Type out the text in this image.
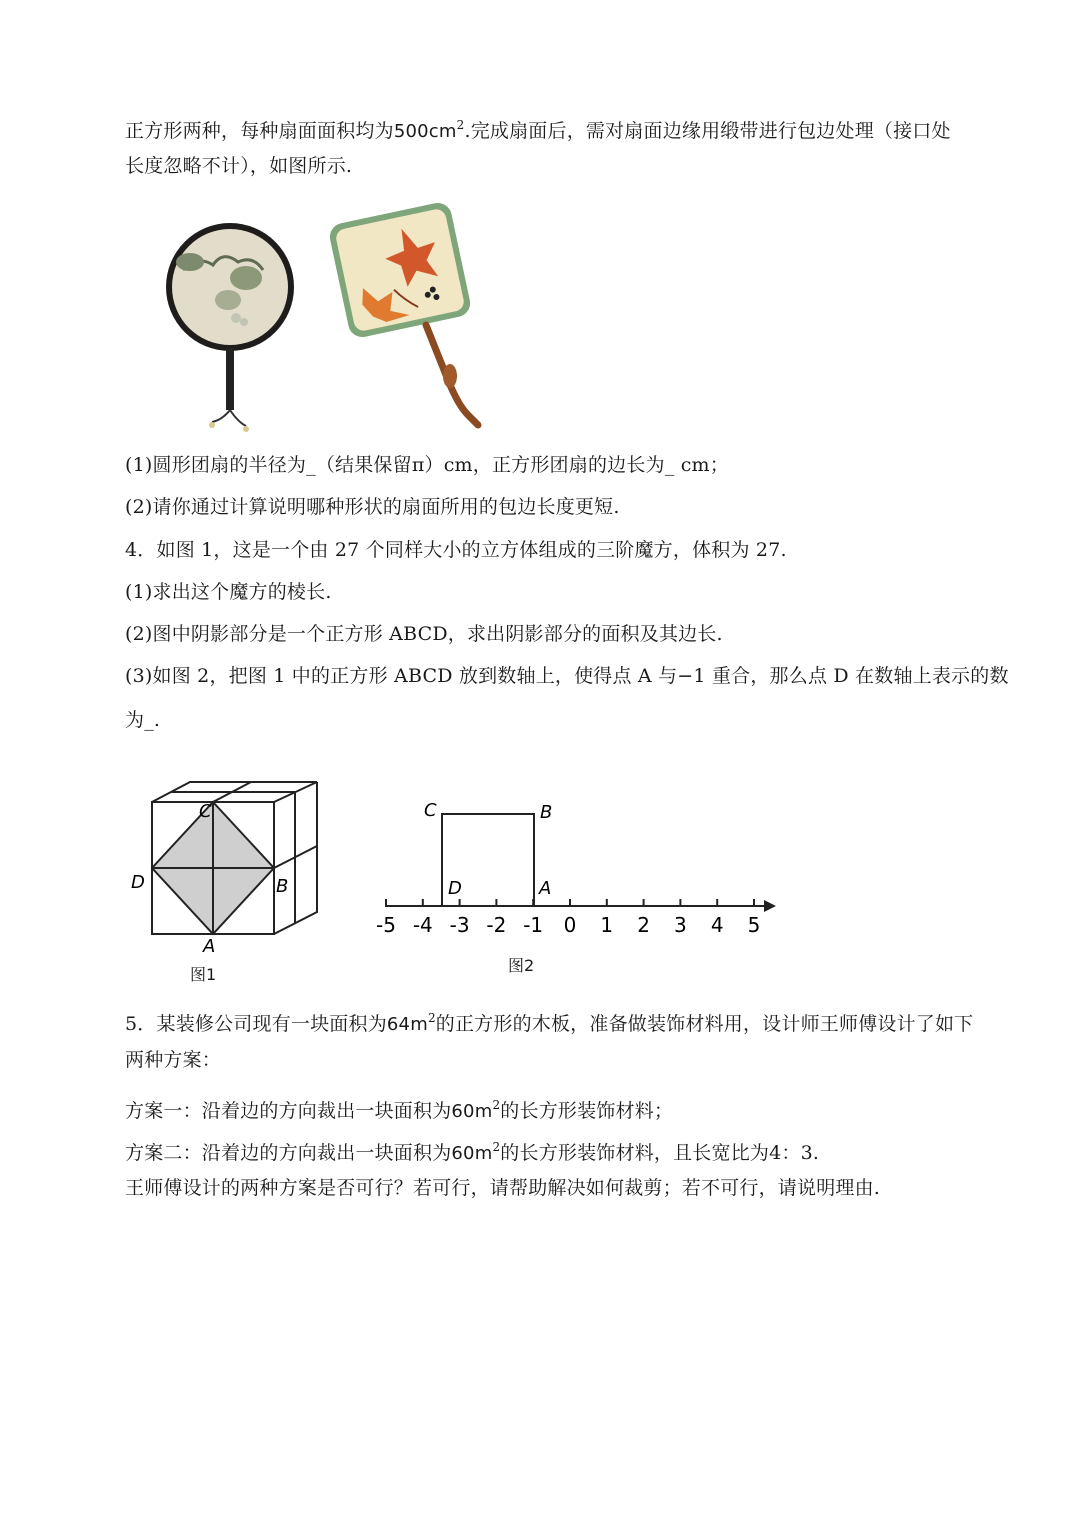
正方形两种，每种扇面面积均为$500cm^2$.完成扇面后，需对扇面边缘用缎带进行包边处理（接口处
长度忽略不计），如图所示.
(1)圆形团扇的半径为_（结果保留π）cm，正方形团扇的边长为_ cm；
(2)请你通过计算说明哪种形状的扇面所用的包边长度更短.
4．如图 1，这是一个由 27 个同样大小的立方体组成的三阶魔方，体积为 27.
(1)求出这个魔方的棱长.
(2)图中阴影部分是一个正方形 ABCD，求出阴影部分的面积及其边长.
(3)如图 2，把图 1 中的正方形 ABCD 放到数轴上，使得点 A 与−1 重合，那么点 D 在数轴上表示的数
为_.
C
D	B
A
图1
-5 -4 -3 -2 -1 0 1 2 3 4 5
C	B
D	A
图2
5．某装修公司现有一块面积为$64m^2$的正方形的木板，准备做装饰材料用，设计师王师傅设计了如下
两种方案：
方案一：沿着边的方向裁出一块面积为$60m^2$的长方形装饰材料；
方案二：沿着边的方向裁出一块面积为$60m^2$的长方形装饰材料，且长宽比为4：3.
王师傅设计的两种方案是否可行？若可行，请帮助解决如何裁剪；若不可行，请说明理由.
